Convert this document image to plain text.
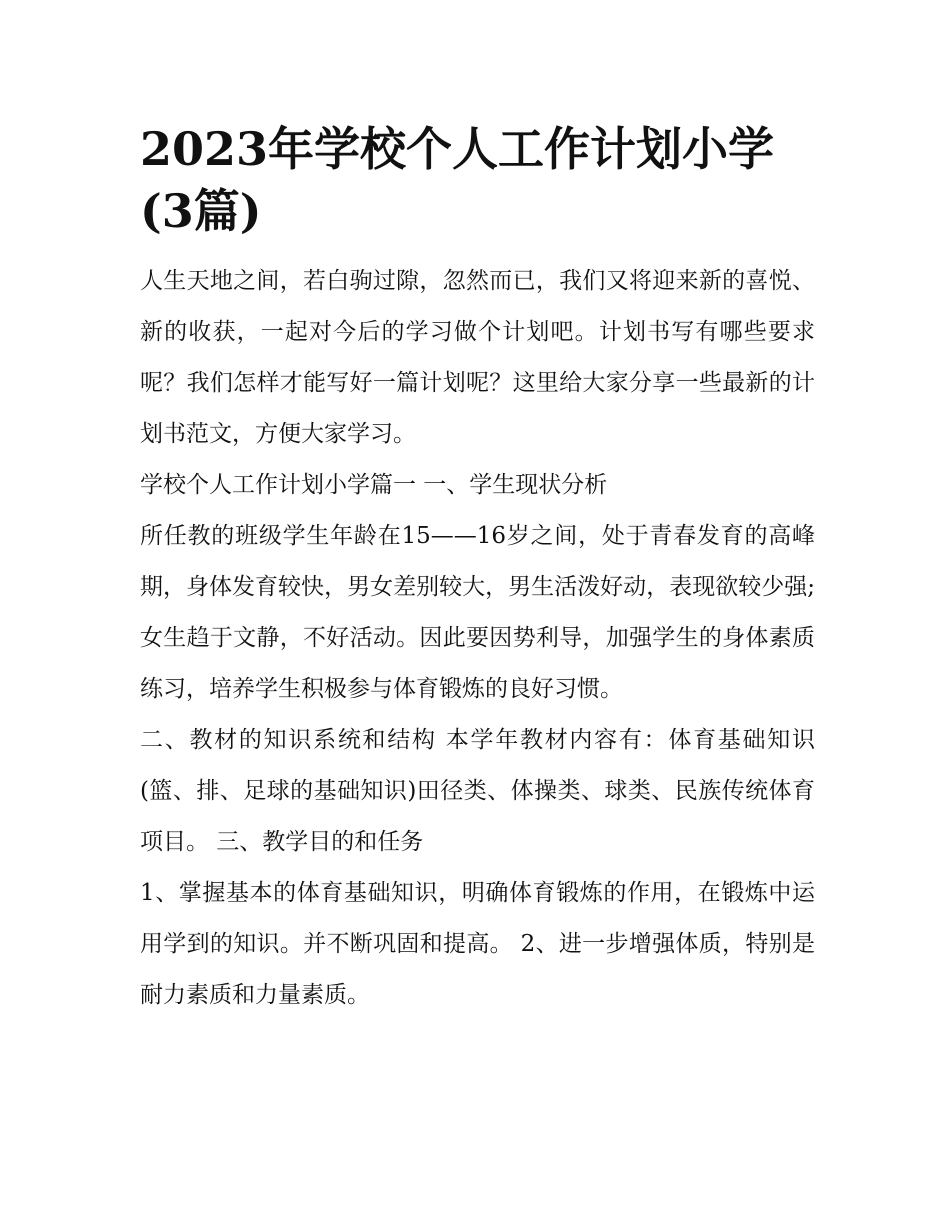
2023年学校个人工作计划小学(3篇)

人生天地之间，若白驹过隙，忽然而已，我们又将迎来新的喜悦、新的收获，一起对今后的学习做个计划吧。计划书写有哪些要求呢？我们怎样才能写好一篇计划呢？这里给大家分享一些最新的计划书范文，方便大家学习。

学校个人工作计划小学篇一 一、学生现状分析

所任教的班级学生年龄在15——16岁之间，处于青春发育的高峰期，身体发育较快，男女差别较大，男生活泼好动，表现欲较少强;女生趋于文静，不好活动。因此要因势利导，加强学生的身体素质练习，培养学生积极参与体育锻炼的良好习惯。

二、教材的知识系统和结构 本学年教材内容有：体育基础知识(篮、排、足球的基础知识)田径类、体操类、球类、民族传统体育项目。 三、教学目的和任务

1、掌握基本的体育基础知识，明确体育锻炼的作用，在锻炼中运用学到的知识。并不断巩固和提高。 2、进一步增强体质，特别是耐力素质和力量素质。
